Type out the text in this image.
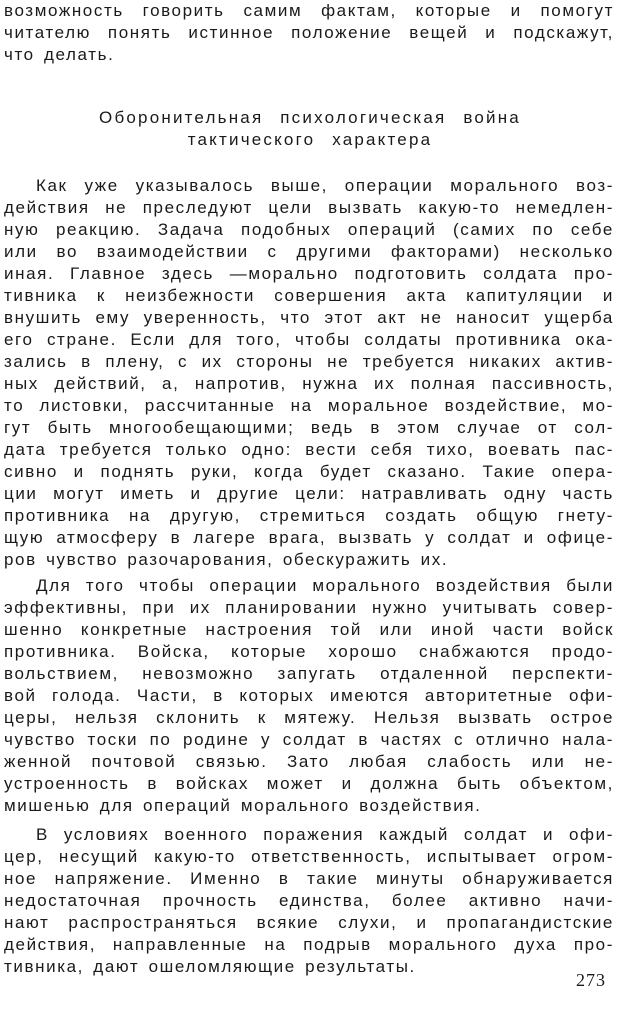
возможность говорить самим фактам, которые и помогут
читателю понять истинное положение вещей и подскажут,
что делать.
Оборонительная психологическая война
тактического характера
Как уже указывалось выше, операции морального воз-
действия не преследуют цели вызвать какую-то немедлен-
ную реакцию. Задача подобных операций (самих по себе
или во взаимодействии с другими факторами) несколько
иная. Главное здесь —морально подготовить солдата про-
тивника к неизбежности совершения акта капитуляции и
внушить ему уверенность, что этот акт не наносит ущерба
его стране. Если для того, чтобы солдаты противника ока-
зались в плену, с их стороны не требуется никаких актив-
ных действий, а, напротив, нужна их полная пассивность,
то листовки, рассчитанные на моральное воздействие, мо-
гут быть многообещающими; ведь в этом случае от сол-
дата требуется только одно: вести себя тихо, воевать пас-
сивно и поднять руки, когда будет сказано. Такие опера-
ции могут иметь и другие цели: натравливать одну часть
противника на другую, стремиться создать общую гнету-
щую атмосферу в лагере врага, вызвать у солдат и офице-
ров чувство разочарования, обескуражить их.
Для того чтобы операции морального воздействия были
эффективны, при их планировании нужно учитывать совер-
шенно конкретные настроения той или иной части войск
противника. Войска, которые хорошо снабжаются продо-
вольствием, невозможно запугать отдаленной перспекти-
вой голода. Части, в которых имеются авторитетные офи-
церы, нельзя склонить к мятежу. Нельзя вызвать острое
чувство тоски по родине у солдат в частях с отлично нала-
женной почтовой связью. Зато любая слабость или не-
устроенность в войсках может и должна быть объектом,
мишенью для операций морального воздействия.
В условиях военного поражения каждый солдат и офи-
цер, несущий какую-то ответственность, испытывает огром-
ное напряжение. Именно в такие минуты обнаруживается
недостаточная прочность единства, более активно начи-
нают распространяться всякие слухи, и пропагандистские
действия, направленные на подрыв морального духа про-
тивника, дают ошеломляющие результаты.
273
